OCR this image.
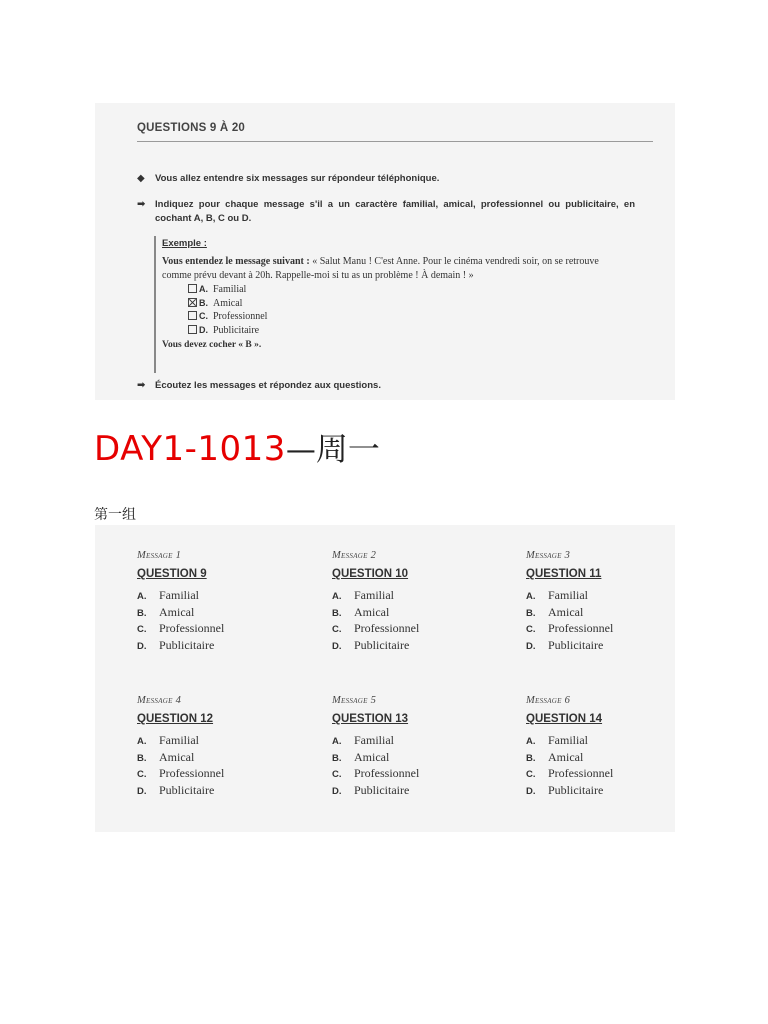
QUESTIONS 9 À 20
◆ Vous allez entendre six messages sur répondeur téléphonique.
➡ Indiquez pour chaque message s'il a un caractère familial, amical, professionnel ou publicitaire, en cochant A, B, C ou D.
Exemple :
Vous entendez le message suivant : « Salut Manu ! C'est Anne. Pour le cinéma vendredi soir, on se retrouve comme prévu devant à 20h. Rappelle-moi si tu as un problème ! À demain ! »
A. Familial
B. Amical
C. Professionnel
D. Publicitaire
Vous devez cocher « B ».
➡ Écoutez les messages et répondez aux questions.
DAY1-1013—周一
第一组
Message 1
QUESTION 9
A. Familial
B. Amical
C. Professionnel
D. Publicitaire
Message 2
QUESTION 10
A. Familial
B. Amical
C. Professionnel
D. Publicitaire
Message 3
QUESTION 11
A. Familial
B. Amical
C. Professionnel
D. Publicitaire
Message 4
QUESTION 12
A. Familial
B. Amical
C. Professionnel
D. Publicitaire
Message 5
QUESTION 13
A. Familial
B. Amical
C. Professionnel
D. Publicitaire
Message 6
QUESTION 14
A. Familial
B. Amical
C. Professionnel
D. Publicitaire
